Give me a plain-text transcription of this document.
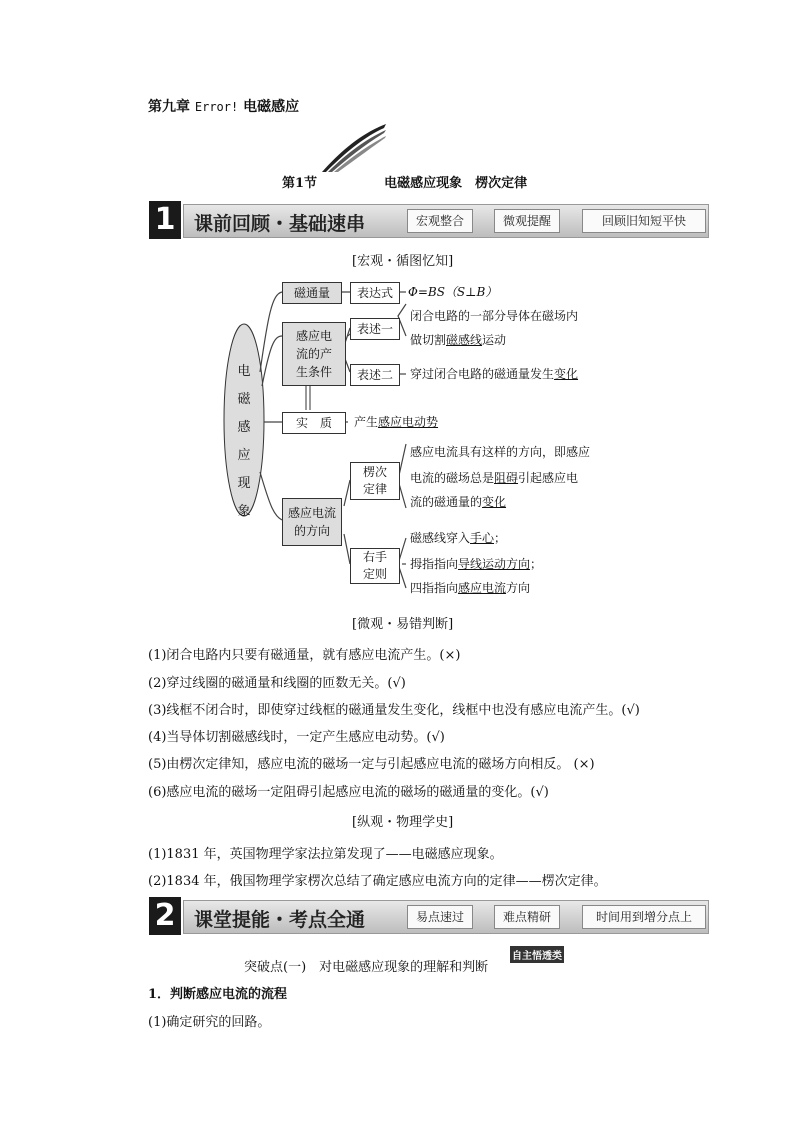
第九章 Error! 电磁感应
第1节	电磁感应现象　楞次定律
1 课前回顾・基础速串	宏观整合	微观提醒	回顾旧知短平快
[宏观・循图忆知]
电
磁
感
应
现
象
磁通量	表达式	Φ=BS（S⊥B）
感应电
流的产
生条件
表述一
闭合电路的一部分导体在磁场内
做切割磁感线运动
表述二	穿过闭合电路的磁通量发生变化
实　质	产生感应电动势
感应电流
的方向
楞次
定律
感应电流具有这样的方向，即感应
电流的磁场总是阻碍引起感应电
流的磁通量的变化
右手
定则
磁感线穿入手心；
拇指指向导线运动方向；
四指指向感应电流方向
[微观・易错判断]
(1)闭合电路内只要有磁通量，就有感应电流产生。(×)
(2)穿过线圈的磁通量和线圈的匝数无关。(√)
(3)线框不闭合时，即使穿过线框的磁通量发生变化，线框中也没有感应电流产生。(√)
(4)当导体切割磁感线时，一定产生感应电动势。(√)
(5)由楞次定律知，感应电流的磁场一定与引起感应电流的磁场方向相反。 (×)
(6)感应电流的磁场一定阻碍引起感应电流的磁场的磁通量的变化。(√)
[纵观・物理学史]
(1)1831 年，英国物理学家法拉第发现了——电磁感应现象。
(2)1834 年，俄国物理学家楞次总结了确定感应电流方向的定律——楞次定律。
2 课堂提能・考点全通	易点速过	难点精研	时间用到增分点上
突破点(一)　对电磁感应现象的理解和判断
自主悟透类
1．判断感应电流的流程
(1)确定研究的回路。
